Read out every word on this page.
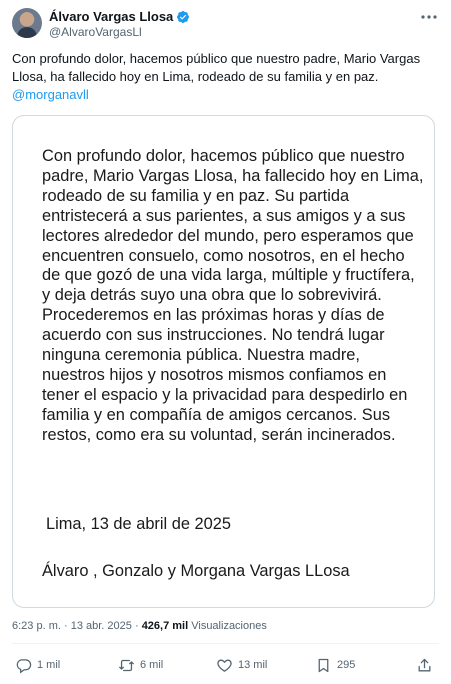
Álvaro Vargas Llosa
@AlvaroVargasLl
Con profundo dolor, hacemos público que nuestro padre, Mario Vargas Llosa, ha fallecido hoy en Lima, rodeado de su familia y en paz.
@morganavll
Con profundo dolor, hacemos público que nuestro padre, Mario Vargas Llosa, ha fallecido hoy en Lima, rodeado de su familia y en paz. Su partida entristecerá a sus parientes, a sus amigos y a sus lectores alrededor del mundo, pero esperamos que encuentren consuelo, como nosotros, en el hecho de que gozó de una vida larga, múltiple y fructífera, y deja detrás suyo una obra que lo sobrevivirá. Procederemos en las próximas horas y días de acuerdo con sus instrucciones. No tendrá lugar ninguna ceremonia pública. Nuestra madre, nuestros hijos y nosotros mismos confiamos en tener el espacio y la privacidad para despedirlo en familia y en compañía de amigos cercanos. Sus restos, como era su voluntad, serán incinerados.
Lima, 13 de abril de 2025
Álvaro , Gonzalo y Morgana Vargas LLosa
6:23 p. m. · 13 abr. 2025 · 426,7 mil Visualizaciones
1 mil	6 mil	13 mil	295
